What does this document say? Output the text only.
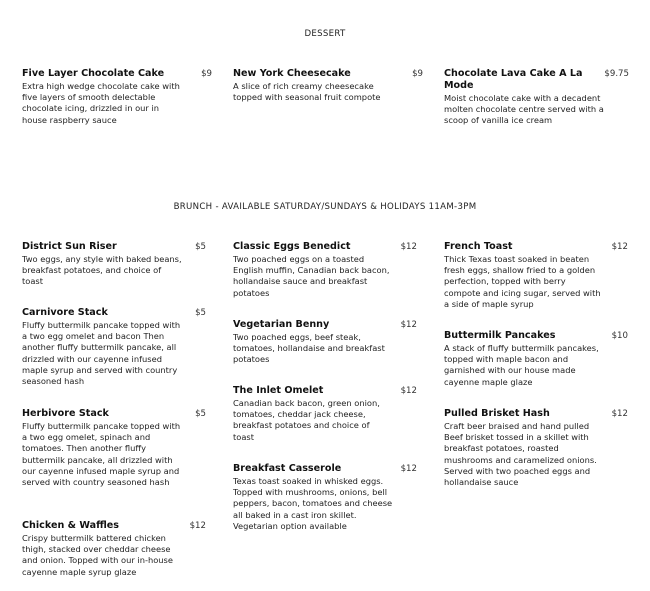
DESSERT
Five Layer Chocolate Cake	$9
Extra high wedge chocolate cake with five layers of smooth delectable chocolate icing, drizzled in our in house raspberry sauce
New York Cheesecake	$9
A slice of rich creamy cheesecake topped with seasonal fruit compote
Chocolate Lava Cake A La Mode
$9.75
Moist chocolate cake with a decadent molten chocolate centre served with a scoop of vanilla ice cream
BRUNCH - AVAILABLE SATURDAY/SUNDAYS & HOLIDAYS 11AM-3PM
District Sun Riser	$5
Two eggs, any style with baked beans, breakfast potatoes, and choice of toast
Carnivore Stack	$5
Fluffy buttermilk pancake topped with a two egg omelet and bacon Then another fluffy buttermilk pancake, all drizzled with our cayenne infused maple syrup and served with country seasoned hash
Herbivore Stack	$5
Fluffy buttermilk pancake topped with a two egg omelet, spinach and tomatoes. Then another fluffy buttermilk pancake, all drizzled with our cayenne infused maple syrup and served with country seasoned hash
Chicken & Waffles	$12
Crispy buttermilk battered chicken thigh, stacked over cheddar cheese and onion. Topped with our in-house cayenne maple syrup glaze
Classic Eggs Benedict	$12
Two poached eggs on a toasted English muffin, Canadian back bacon, hollandaise sauce and breakfast potatoes
Vegetarian Benny	$12
Two poached eggs, beef steak, tomatoes, hollandaise and breakfast potatoes
The Inlet Omelet	$12
Canadian back bacon, green onion, tomatoes, cheddar jack cheese, breakfast potatoes and choice of toast
Breakfast Casserole	$12
Texas toast soaked in whisked eggs. Topped with mushrooms, onions, bell peppers, bacon, tomatoes and cheese all baked in a cast iron skillet. Vegetarian option available
French Toast	$12
Thick Texas toast soaked in beaten fresh eggs, shallow fried to a golden perfection, topped with berry compote and icing sugar, served with a side of maple syrup
Buttermilk Pancakes	$10
A stack of fluffy buttermilk pancakes, topped with maple bacon and garnished with our house made cayenne maple glaze
Pulled Brisket Hash	$12
Craft beer braised and hand pulled Beef brisket tossed in a skillet with breakfast potatoes, roasted mushrooms and caramelized onions. Served with two poached eggs and hollandaise sauce
